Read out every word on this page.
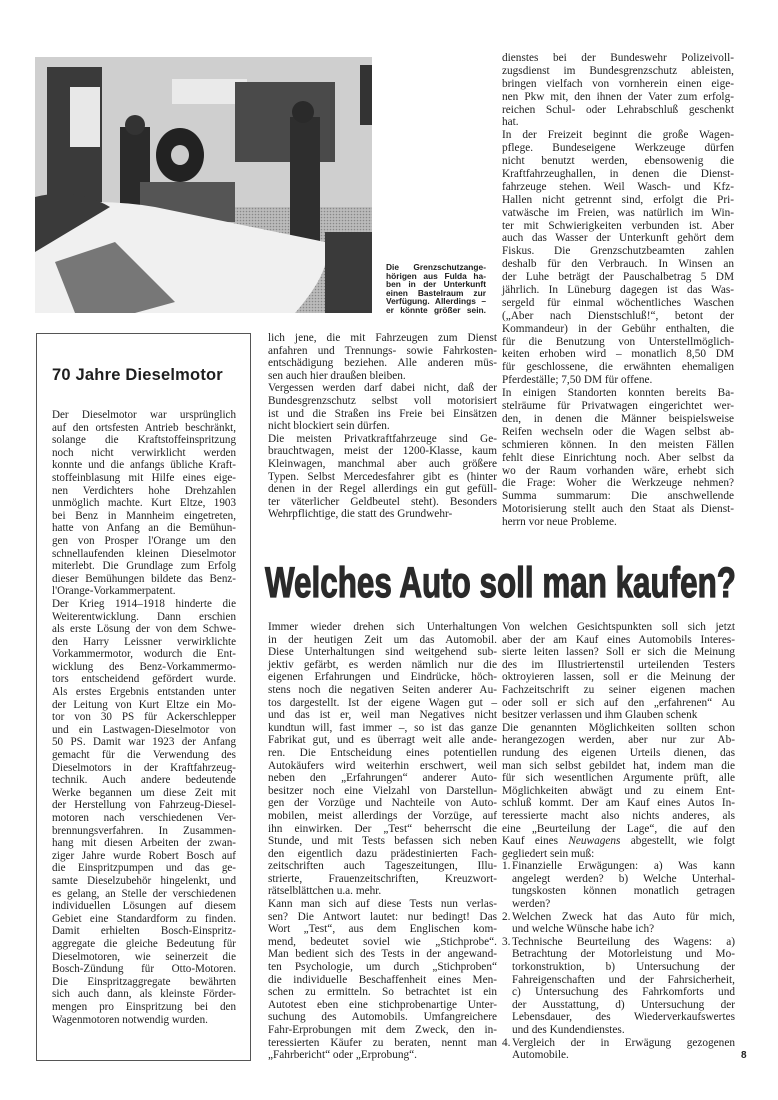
Die Grenzschutzange-
hörigen aus Fulda ha-
ben in der Unterkunft
einen Bastelraum zur
Verfügung. Allerdings –
er könnte größer sein.
lich jene, die mit Fahrzeugen zum Dienst
anfahren und Trennungs- sowie Fahrkosten-
entschädigung beziehen. Alle anderen müs-
sen auch hier draußen bleiben.
Vergessen werden darf dabei nicht, daß der
Bundesgrenzschutz selbst voll motorisiert
ist und die Straßen ins Freie bei Einsätzen
nicht blockiert sein dürfen.
Die meisten Privatkraftfahrzeuge sind Ge-
brauchtwagen, meist der 1200-Klasse, kaum
Kleinwagen, manchmal aber auch größere
Typen. Selbst Mercedesfahrer gibt es (hinter
denen in der Regel allerdings ein gut gefüll-
ter väterlicher Geldbeutel steht). Besonders
Wehrpflichtige, die statt des Grundwehr-
dienstes bei der Bundeswehr Polizeivoll-
zugsdienst im Bundesgrenzschutz ableisten,
bringen vielfach von vornherein einen eige-
nen Pkw mit, den ihnen der Vater zum erfolg-
reichen Schul- oder Lehrabschluß geschenkt
hat.
In der Freizeit beginnt die große Wagen-
pflege. Bundeseigene Werkzeuge dürfen
nicht benutzt werden, ebensowenig die
Kraftfahrzeughallen, in denen die Dienst-
fahrzeuge stehen. Weil Wasch- und Kfz-
Hallen nicht getrennt sind, erfolgt die Pri-
vatwäsche im Freien, was natürlich im Win-
ter mit Schwierigkeiten verbunden ist. Aber
auch das Wasser der Unterkunft gehört dem
Fiskus. Die Grenzschutzbeamten zahlen
deshalb für den Verbrauch. In Winsen an
der Luhe beträgt der Pauschalbetrag 5 DM
jährlich. In Lüneburg dagegen ist das Was-
sergeld für einmal wöchentliches Waschen
(„Aber nach Dienstschluß!“, betont der
Kommandeur) in der Gebühr enthalten, die
für die Benutzung von Unterstellmöglich-
keiten erhoben wird – monatlich 8,50 DM
für geschlossene, die erwähnten ehemaligen
Pferdeställe; 7,50 DM für offene.
In einigen Standorten konnten bereits Ba-
stelräume für Privatwagen eingerichtet wer-
den, in denen die Männer beispielsweise
Reifen wechseln oder die Wagen selbst ab-
schmieren können. In den meisten Fällen
fehlt diese Einrichtung noch. Aber selbst da
wo der Raum vorhanden wäre, erhebt sich
die Frage: Woher die Werkzeuge nehmen?
Summa summarum: Die anschwellende
Motorisierung stellt auch den Staat als Dienst-
herrn vor neue Probleme.
70 Jahre Dieselmotor
Der Dieselmotor war ursprünglich
auf den ortsfesten Antrieb beschränkt,
solange die Kraftstoffeinspritzung
noch nicht verwirklicht werden
konnte und die anfangs übliche Kraft-
stoffeinblasung mit Hilfe eines eige-
nen Verdichters hohe Drehzahlen
unmöglich machte. Kurt Eltze, 1903
bei Benz in Mannheim eingetreten,
hatte von Anfang an die Bemühun-
gen von Prosper l'Orange um den
schnellaufenden kleinen Dieselmotor
miterlebt. Die Grundlage zum Erfolg
dieser Bemühungen bildete das Benz-
l'Orange-Vorkammerpatent.
Der Krieg 1914–1918 hinderte die
Weiterentwicklung. Dann erschien
als erste Lösung der von dem Schwe-
den Harry Leissner verwirklichte
Vorkammermotor, wodurch die Ent-
wicklung des Benz-Vorkammermo-
tors entscheidend gefördert wurde.
Als erstes Ergebnis entstanden unter
der Leitung von Kurt Eltze ein Mo-
tor von 30 PS für Ackerschlepper
und ein Lastwagen-Dieselmotor von
50 PS. Damit war 1923 der Anfang
gemacht für die Verwendung des
Dieselmotors in der Kraftfahrzeug-
technik. Auch andere bedeutende
Werke begannen um diese Zeit mit
der Herstellung von Fahrzeug-Diesel-
motoren nach verschiedenen Ver-
brennungsverfahren. In Zusammen-
hang mit diesen Arbeiten der zwan-
ziger Jahre wurde Robert Bosch auf
die Einspritzpumpen und das ge-
samte Dieselzubehör hingelenkt, und
es gelang, an Stelle der verschiedenen
individuellen Lösungen auf diesem
Gebiet eine Standardform zu finden.
Damit erhielten Bosch-Einspritz-
aggregate die gleiche Bedeutung für
Dieselmotoren, wie seinerzeit die
Bosch-Zündung für Otto-Motoren.
Die Einspritzaggregate bewährten
sich auch dann, als kleinste Förder-
mengen pro Einspritzung bei den
Wagenmotoren notwendig wurden.
Welches Auto soll man kaufen?
Immer wieder drehen sich Unterhaltungen
in der heutigen Zeit um das Automobil.
Diese Unterhaltungen sind weitgehend sub-
jektiv gefärbt, es werden nämlich nur die
eigenen Erfahrungen und Eindrücke, höch-
stens noch die negativen Seiten anderer Au-
tos dargestellt. Ist der eigene Wagen gut –
und das ist er, weil man Negatives nicht
kundtun will, fast immer –, so ist das ganze
Fabrikat gut, und es überragt weit alle ande-
ren. Die Entscheidung eines potentiellen
Autokäufers wird weiterhin erschwert, weil
neben den „Erfahrungen“ anderer Auto-
besitzer noch eine Vielzahl von Darstellun-
gen der Vorzüge und Nachteile von Auto-
mobilen, meist allerdings der Vorzüge, auf
ihn einwirken. Der „Test“ beherrscht die
Stunde, und mit Tests befassen sich neben
den eigentlich dazu prädestinierten Fach-
zeitschriften auch Tageszeitungen, Illu-
strierte, Frauenzeitschriften, Kreuzwort-
rätselblättchen u.a. mehr.
Kann man sich auf diese Tests nun verlas-
sen? Die Antwort lautet: nur bedingt! Das
Wort „Test“, aus dem Englischen kom-
mend, bedeutet soviel wie „Stichprobe“.
Man bedient sich des Tests in der angewand-
ten Psychologie, um durch „Stichproben“
die individuelle Beschaffenheit eines Men-
schen zu ermitteln. So betrachtet ist ein
Autotest eben eine stichprobenartige Unter-
suchung des Automobils. Umfangreichere
Fahr-Erprobungen mit dem Zweck, den in-
teressierten Käufer zu beraten, nennt man
„Fahrbericht“ oder „Erprobung“.
Von welchen Gesichtspunkten soll sich jetzt
aber der am Kauf eines Automobils Interes-
sierte leiten lassen? Soll er sich die Meinung
des im Illustriertenstil urteilenden Testers
oktroyieren lassen, soll er die Meinung der
Fachzeitschrift zu seiner eigenen machen
oder soll er sich auf den „erfahrenen“ Au
besitzer verlassen und ihm Glauben schenk
Die genannten Möglichkeiten sollten schon
herangezogen werden, aber nur zur Ab-
rundung des eigenen Urteils dienen, das
man sich selbst gebildet hat, indem man die
für sich wesentlichen Argumente prüft, alle
Möglichkeiten abwägt und zu einem Ent-
schluß kommt. Der am Kauf eines Autos In-
teressierte macht also nichts anderes, als
eine „Beurteilung der Lage“, die auf den
Kauf eines Neuwagens abgestellt, wie folgt
gegliedert sein muß:
1. Finanzielle Erwägungen: a) Was kann
angelegt werden? b) Welche Unterhal-
tungskosten können monatlich getragen
werden?
2. Welchen Zweck hat das Auto für mich,
und welche Wünsche habe ich?
3. Technische Beurteilung des Wagens: a)
Betrachtung der Motorleistung und Mo-
torkonstruktion, b) Untersuchung der
Fahreigenschaften und der Fahrsicherheit,
c) Untersuchung des Fahrkomforts und
der Ausstattung, d) Untersuchung der
Lebensdauer, des Wiederverkaufswertes
und des Kundendienstes.
4. Vergleich der in Erwägung gezogenen
Automobile.	8
